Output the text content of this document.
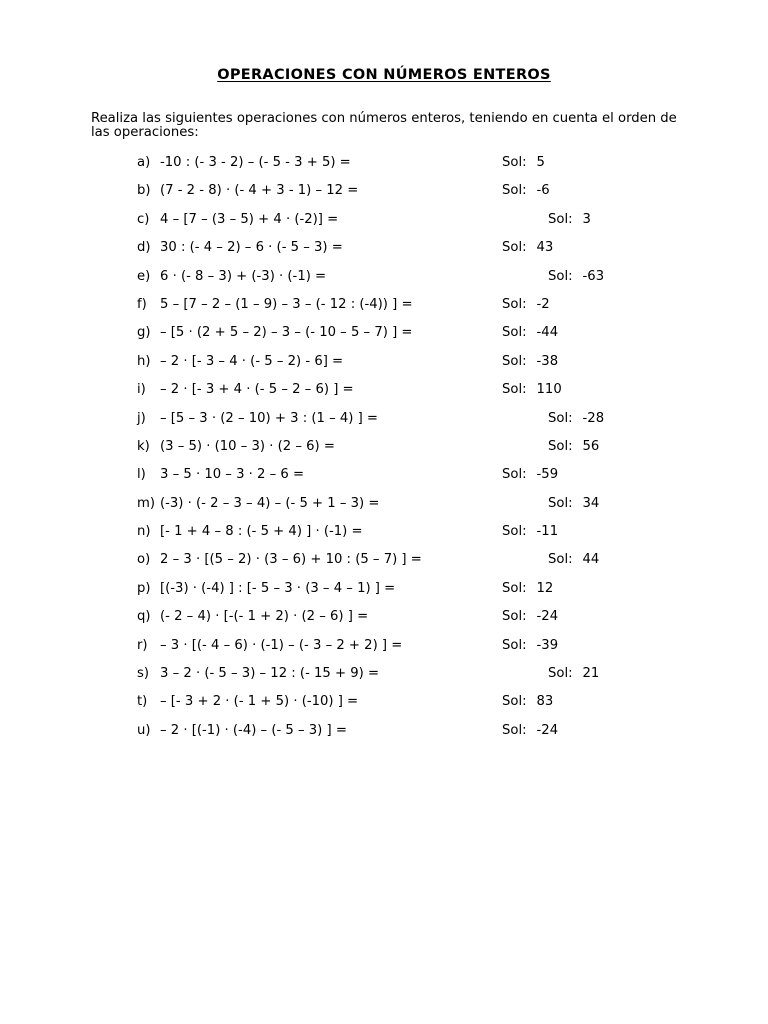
OPERACIONES CON NÚMEROS ENTEROS
Realiza las siguientes operaciones con números enteros, teniendo en cuenta el orden de las operaciones:
a) -10 : (- 3 - 2) – (- 5 - 3 + 5) =	Sol: 5
b) (7 - 2 - 8) · (- 4 + 3 - 1) – 12 =	Sol: -6
c) 4 – [7 – (3 – 5) + 4 · (-2)] =	Sol: 3
d) 30 : (- 4 – 2) – 6 · (- 5 – 3) =	Sol: 43
e) 6 · (- 8 – 3) + (-3) · (-1) =	Sol: -63
f) 5 – [7 – 2 – (1 – 9) – 3 – (- 12 : (-4)) ] =	Sol: -2
g) – [5 · (2 + 5 – 2) – 3 – (- 10 – 5 – 7) ] =	Sol: -44
h) – 2 · [- 3 – 4 · (- 5 – 2) - 6] =	Sol: -38
i) – 2 · [- 3 + 4 · (- 5 – 2 – 6) ] =	Sol: 110
j) – [5 – 3 · (2 – 10) + 3 : (1 – 4) ] =	Sol: -28
k) (3 – 5) · (10 – 3) · (2 – 6) =	Sol: 56
l) 3 – 5 · 10 – 3 · 2 – 6 =	Sol: -59
m) (-3) · (- 2 – 3 – 4) – (- 5 + 1 – 3) =	Sol: 34
n) [- 1 + 4 – 8 : (- 5 + 4) ] · (-1) =	Sol: -11
o) 2 – 3 · [(5 – 2) · (3 – 6) + 10 : (5 – 7) ] =	Sol: 44
p) [(-3) · (-4) ] : [- 5 – 3 · (3 – 4 – 1) ] =	Sol: 12
q) (- 2 – 4) · [-(- 1 + 2) · (2 – 6) ] =	Sol: -24
r) – 3 · [(- 4 – 6) · (-1) – (- 3 – 2 + 2) ] =	Sol: -39
s) 3 – 2 · (- 5 – 3) – 12 : (- 15 + 9) =	Sol: 21
t) – [- 3 + 2 · (- 1 + 5) · (-10) ] =	Sol: 83
u) – 2 · [(-1) · (-4) – (- 5 – 3) ] =	Sol: -24
